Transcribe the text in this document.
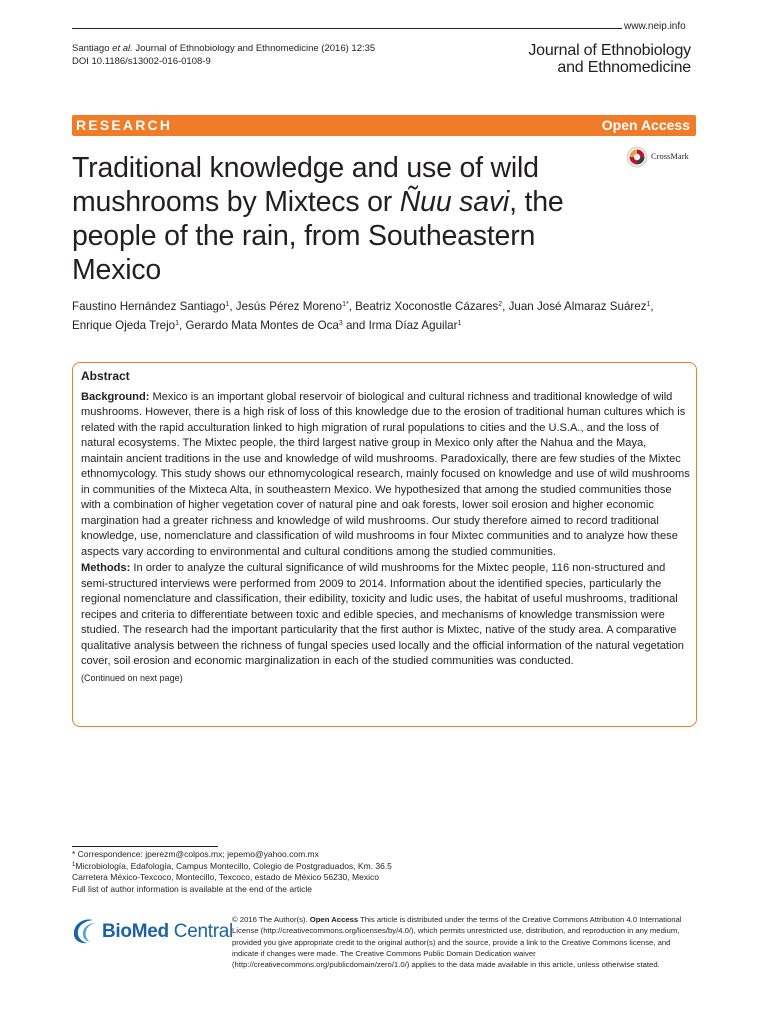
www.neip.info
Santiago et al. Journal of Ethnobiology and Ethnomedicine (2016) 12:35
DOI 10.1186/s13002-016-0108-9
Journal of Ethnobiology
and Ethnomedicine
RESEARCH	Open Access
Traditional knowledge and use of wild mushrooms by Mixtecs or Ñuu savi, the people of the rain, from Southeastern Mexico
CrossMark
Faustino Hernández Santiago$^1$, Jesús Pérez Moreno$^{1*}$, Beatriz Xoconostle Cázares$^2$, Juan José Almaraz Suárez$^1$, Enrique Ojeda Trejo$^1$, Gerardo Mata Montes de Oca$^3$ and Irma Díaz Aguilar$^1$
Abstract

Background: Mexico is an important global reservoir of biological and cultural richness and traditional knowledge of wild mushrooms. However, there is a high risk of loss of this knowledge due to the erosion of traditional human cultures which is related with the rapid acculturation linked to high migration of rural populations to cities and the U.S.A., and the loss of natural ecosystems. The Mixtec people, the third largest native group in Mexico only after the Nahua and the Maya, maintain ancient traditions in the use and knowledge of wild mushrooms. Paradoxically, there are few studies of the Mixtec ethnomycology. This study shows our ethnomycological research, mainly focused on knowledge and use of wild mushrooms in communities of the Mixteca Alta, in southeastern Mexico. We hypothesized that among the studied communities those with a combination of higher vegetation cover of natural pine and oak forests, lower soil erosion and higher economic margination had a greater richness and knowledge of wild mushrooms. Our study therefore aimed to record traditional knowledge, use, nomenclature and classification of wild mushrooms in four Mixtec communities and to analyze how these aspects vary according to environmental and cultural conditions among the studied communities.

Methods: In order to analyze the cultural significance of wild mushrooms for the Mixtec people, 116 non-structured and semi-structured interviews were performed from 2009 to 2014. Information about the identified species, particularly the regional nomenclature and classification, their edibility, toxicity and ludic uses, the habitat of useful mushrooms, traditional recipes and criteria to differentiate between toxic and edible species, and mechanisms of knowledge transmission were studied. The research had the important particularity that the first author is Mixtec, native of the study area. A comparative qualitative analysis between the richness of fungal species used locally and the official information of the natural vegetation cover, soil erosion and economic marginalization in each of the studied communities was conducted.

(Continued on next page)
* Correspondence: jperezm@colpos.mx; jepemo@yahoo.com.mx
$^1$Microbiología, Edafología, Campus Montecillo, Colegio de Postgraduados, Km. 36.5 Carretera México-Texcoco, Montecillo, Texcoco, estado de México 56230, Mexico
Full list of author information is available at the end of the article
BioMed Central
© 2016 The Author(s). Open Access This article is distributed under the terms of the Creative Commons Attribution 4.0 International License (http://creativecommons.org/licenses/by/4.0/), which permits unrestricted use, distribution, and reproduction in any medium, provided you give appropriate credit to the original author(s) and the source, provide a link to the Creative Commons license, and indicate if changes were made. The Creative Commons Public Domain Dedication waiver (http://creativecommons.org/publicdomain/zero/1.0/) applies to the data made available in this article, unless otherwise stated.
